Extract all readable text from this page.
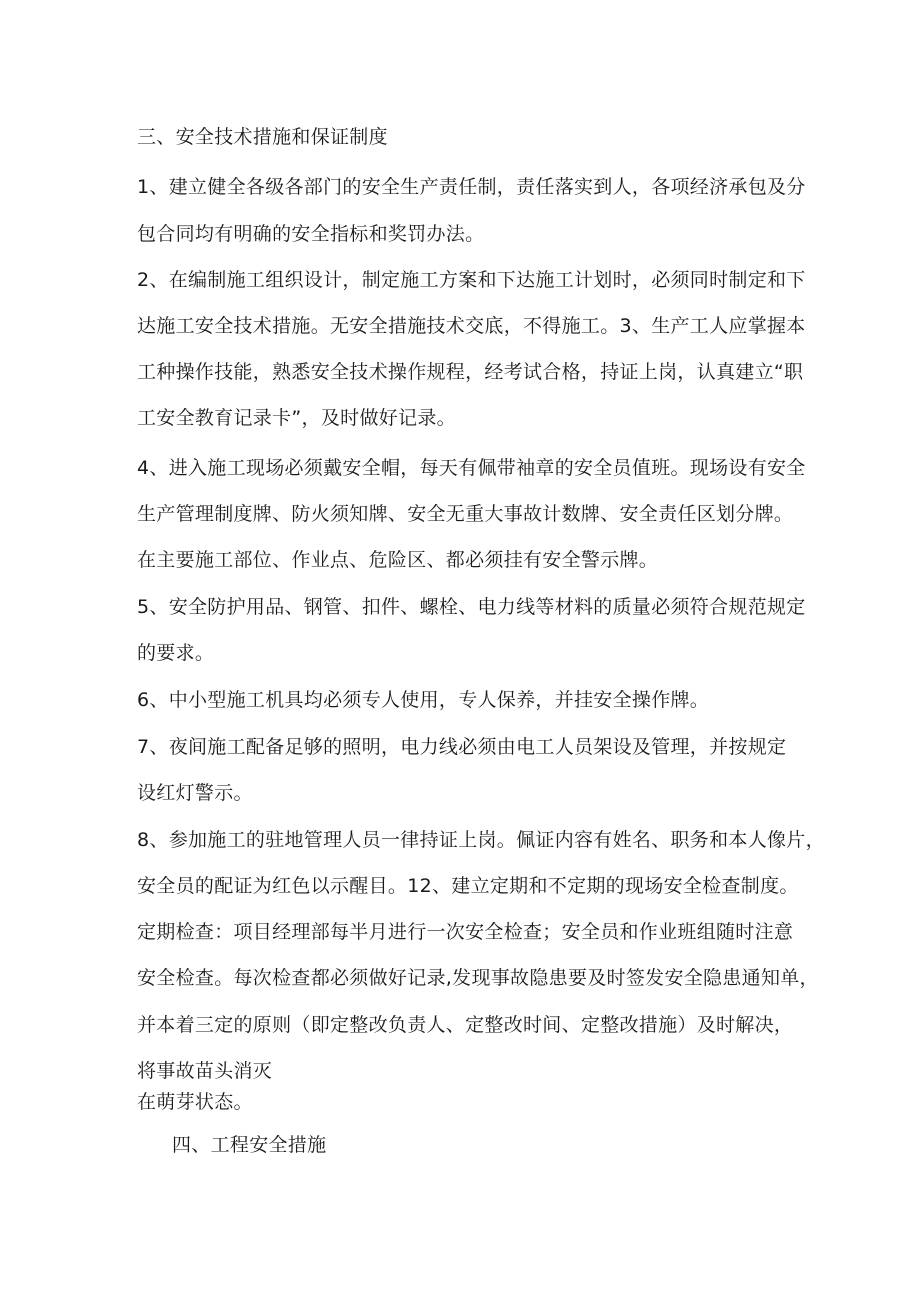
三、安全技术措施和保证制度
1、建立健全各级各部门的安全生产责任制，责任落实到人，各项经济承包及分
包合同均有明确的安全指标和奖罚办法。
2、在编制施工组织设计，制定施工方案和下达施工计划时，必须同时制定和下
达施工安全技术措施。无安全措施技术交底，不得施工。3、生产工人应掌握本
工种操作技能，熟悉安全技术操作规程，经考试合格，持证上岗，认真建立“职
工安全教育记录卡”，及时做好记录。
4、进入施工现场必须戴安全帽，每天有佩带袖章的安全员值班。现场设有安全
生产管理制度牌、防火须知牌、安全无重大事故计数牌、安全责任区划分牌。
在主要施工部位、作业点、危险区、都必须挂有安全警示牌。
5、安全防护用品、钢管、扣件、螺栓、电力线等材料的质量必须符合规范规定
的要求。
6、中小型施工机具均必须专人使用，专人保养，并挂安全操作牌。
7、夜间施工配备足够的照明，电力线必须由电工人员架设及管理，并按规定
设红灯警示。
8、参加施工的驻地管理人员一律持证上岗。佩证内容有姓名、职务和本人像片，
安全员的配证为红色以示醒目。12、建立定期和不定期的现场安全检查制度。
定期检查：项目经理部每半月进行一次安全检查；安全员和作业班组随时注意
安全检查。每次检查都必须做好记录,发现事故隐患要及时签发安全隐患通知单，
并本着三定的原则（即定整改负责人、定整改时间、定整改措施）及时解决，
将事故苗头消灭
在萌芽状态。
四、工程安全措施
